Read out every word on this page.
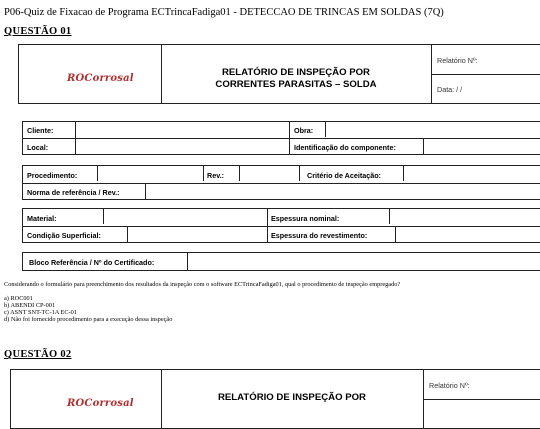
P06-Quiz de Fixacao de Programa ECTrincaFadiga01 - DETECCAO DE TRINCAS EM SOLDAS (7Q)
QUESTÃO 01
ROCorrosal
RELATÓRIO DE INSPEÇÃO POR
CORRENTES PARASITAS – SOLDA
Relatório Nº:
Data: / /
Cliente:	Obra:
Local:	Identificação do componente:
Procedimento:	Rev.:	Critério de Aceitação:
Norma de referência / Rev.:
Material:	Espessura nominal:
Condição Superficial:	Espessura do revestimento:
Bloco Referência / Nº do Certificado:
Considerando o formulário para preenchimento dos resultados da inspeção com o software ECTrincaFadiga01, qual o procedimento de inspeção empregado?
a) ROC001
b) ABENDI CP-001
c) ASNT SNT-TC-1A EC-01
d) Não foi fornecido procedimento para a execução dessa inspeção
QUESTÃO 02
ROCorrosal
RELATÓRIO DE INSPEÇÃO POR
Relatório Nº:
